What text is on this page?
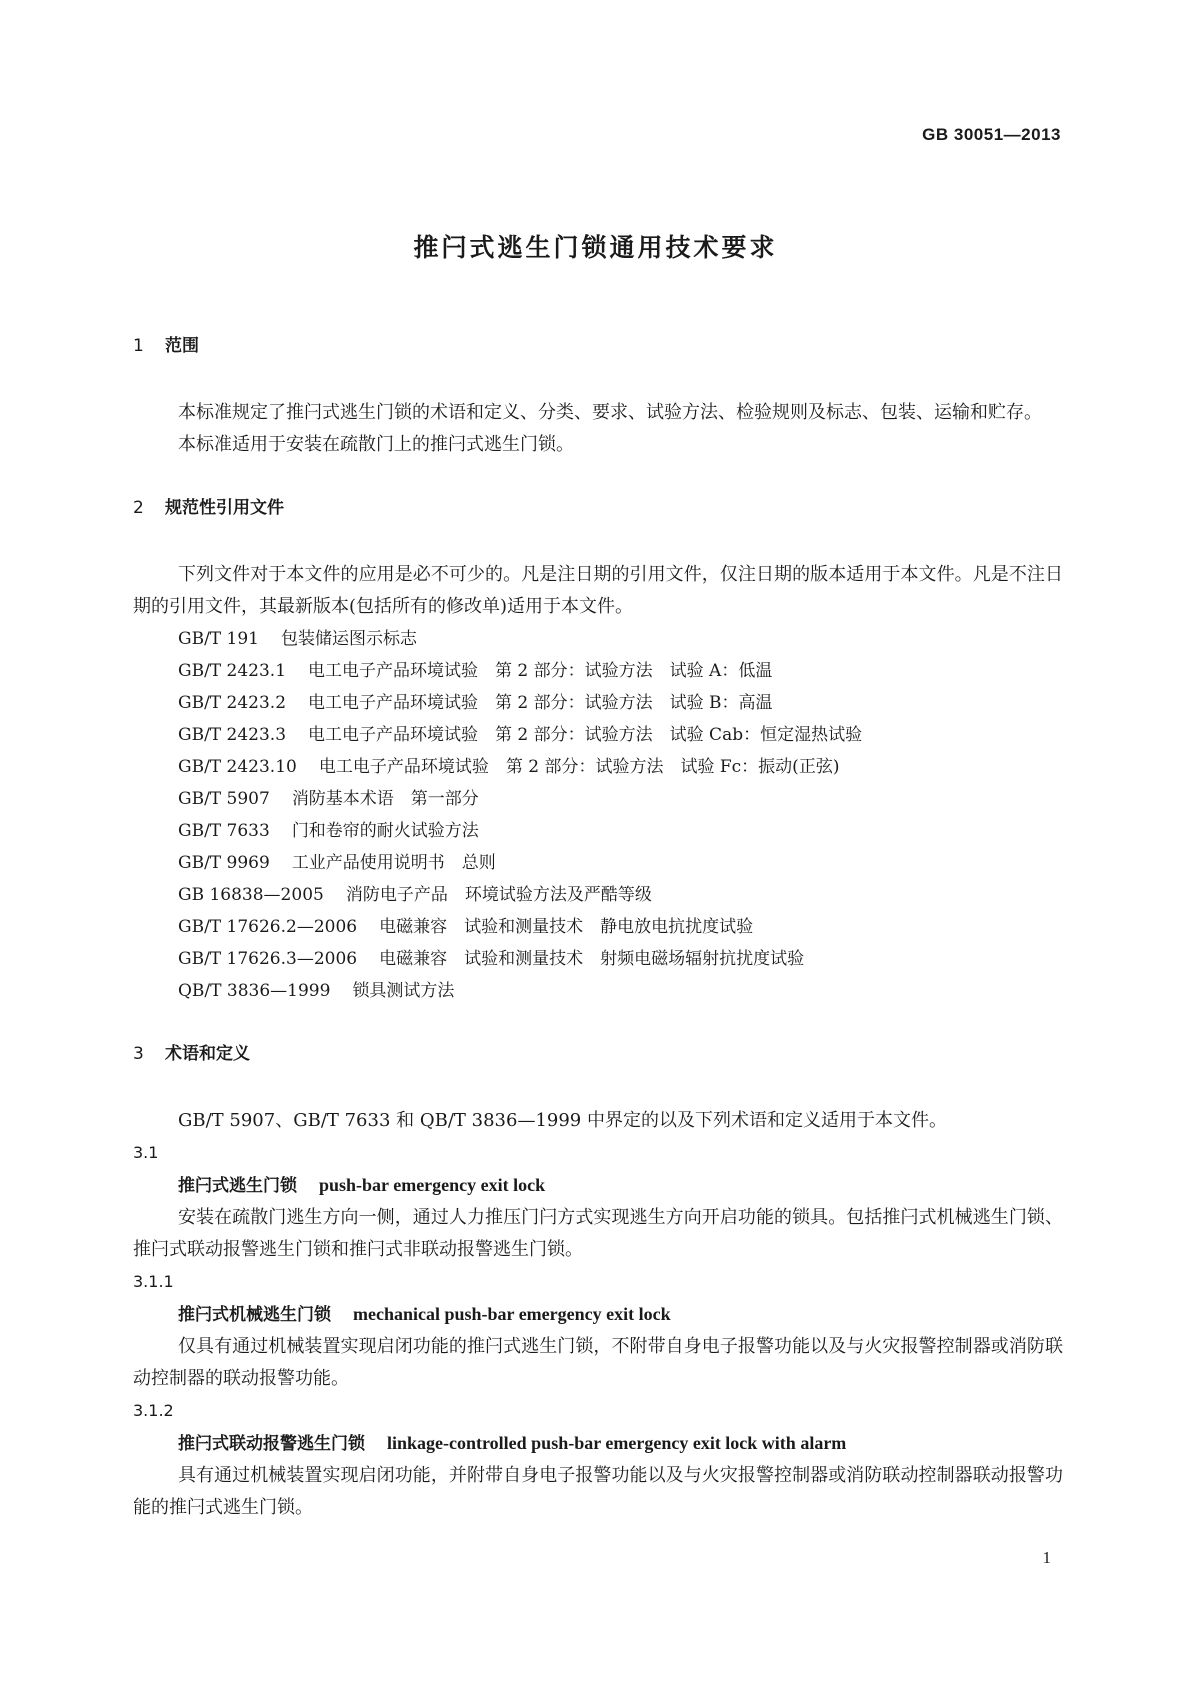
GB 30051—2013
推闩式逃生门锁通用技术要求
1 范围

本标准规定了推闩式逃生门锁的术语和定义、分类、要求、试验方法、检验规则及标志、包装、运输和贮存。

本标准适用于安装在疏散门上的推闩式逃生门锁。

2 规范性引用文件

下列文件对于本文件的应用是必不可少的。凡是注日期的引用文件，仅注日期的版本适用于本文件。凡是不注日期的引用文件，其最新版本(包括所有的修改单)适用于本文件。

GB/T 191 包装储运图示标志
GB/T 2423.1 电工电子产品环境试验　第 2 部分：试验方法　试验 A：低温
GB/T 2423.2 电工电子产品环境试验　第 2 部分：试验方法　试验 B：高温
GB/T 2423.3 电工电子产品环境试验　第 2 部分：试验方法　试验 Cab：恒定湿热试验
GB/T 2423.10 电工电子产品环境试验　第 2 部分：试验方法　试验 Fc：振动(正弦)
GB/T 5907 消防基本术语　第一部分
GB/T 7633 门和卷帘的耐火试验方法
GB/T 9969 工业产品使用说明书　总则
GB 16838—2005 消防电子产品　环境试验方法及严酷等级
GB/T 17626.2—2006 电磁兼容　试验和测量技术　静电放电抗扰度试验
GB/T 17626.3—2006 电磁兼容　试验和测量技术　射频电磁场辐射抗扰度试验
QB/T 3836—1999 锁具测试方法
3 术语和定义

GB/T 5907、GB/T 7633 和 QB/T 3836—1999 中界定的以及下列术语和定义适用于本文件。

3.1
推闩式逃生门锁 push-bar emergency exit lock

安装在疏散门逃生方向一侧，通过人力推压门闩方式实现逃生方向开启功能的锁具。包括推闩式机械逃生门锁、推闩式联动报警逃生门锁和推闩式非联动报警逃生门锁。

3.1.1
推闩式机械逃生门锁 mechanical push-bar emergency exit lock

仅具有通过机械装置实现启闭功能的推闩式逃生门锁，不附带自身电子报警功能以及与火灾报警控制器或消防联动控制器的联动报警功能。

3.1.2
推闩式联动报警逃生门锁 linkage-controlled push-bar emergency exit lock with alarm

具有通过机械装置实现启闭功能，并附带自身电子报警功能以及与火灾报警控制器或消防联动控制器联动报警功能的推闩式逃生门锁。

1
